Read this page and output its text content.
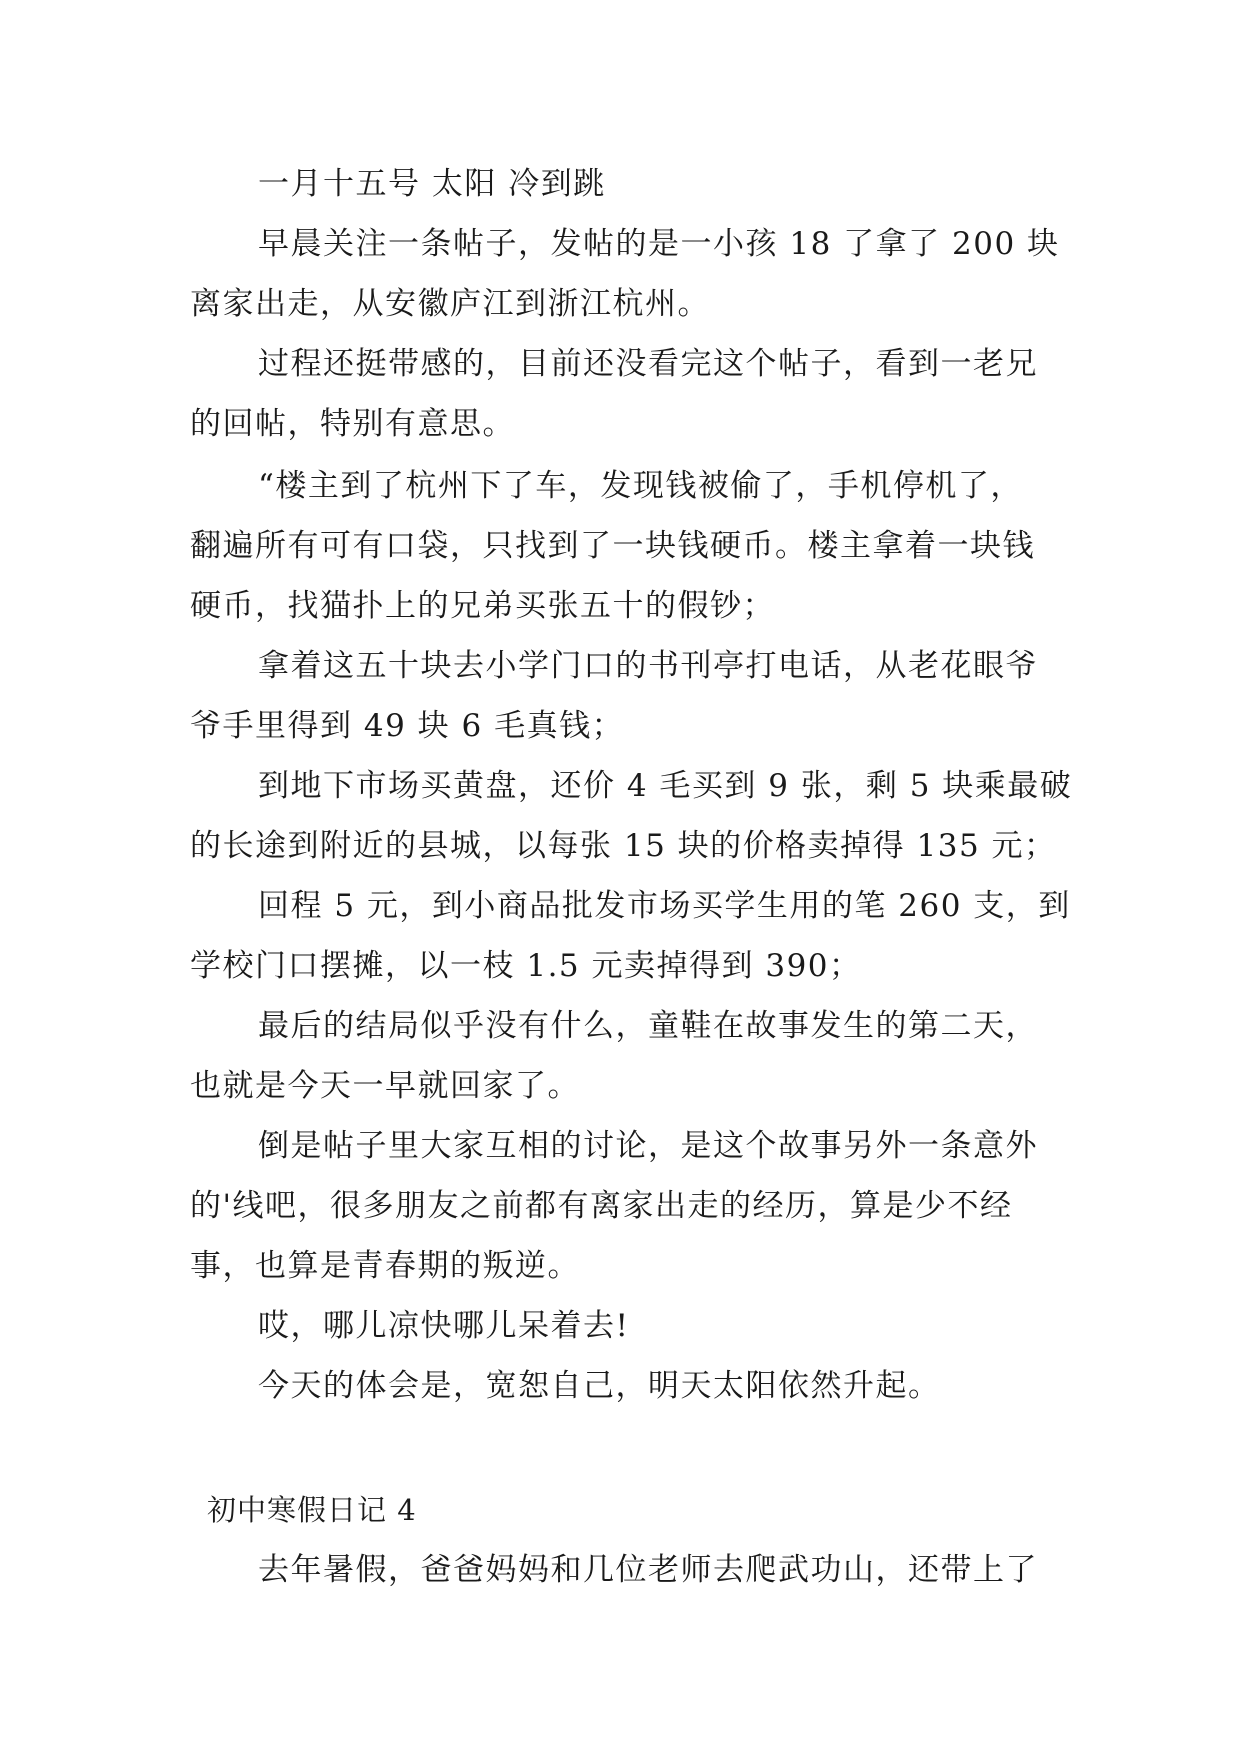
一月十五号 太阳 冷到跳
早晨关注一条帖子，发帖的是一小孩 18 了拿了 200 块
离家出走，从安徽庐江到浙江杭州。
过程还挺带感的，目前还没看完这个帖子，看到一老兄
的回帖，特别有意思。
“楼主到了杭州下了车，发现钱被偷了，手机停机了，
翻遍所有可有口袋，只找到了一块钱硬币。楼主拿着一块钱
硬币，找猫扑上的兄弟买张五十的假钞；
拿着这五十块去小学门口的书刊亭打电话，从老花眼爷
爷手里得到 49 块 6 毛真钱；
到地下市场买黄盘，还价 4 毛买到 9 张，剩 5 块乘最破
的长途到附近的县城，以每张 15 块的价格卖掉得 135 元；
回程 5 元，到小商品批发市场买学生用的笔 260 支，到
学校门口摆摊，以一枝 1.5 元卖掉得到 390；
最后的结局似乎没有什么，童鞋在故事发生的第二天，
也就是今天一早就回家了。
倒是帖子里大家互相的讨论，是这个故事另外一条意外
的'线吧，很多朋友之前都有离家出走的经历，算是少不经
事，也算是青春期的叛逆。
哎，哪儿凉快哪儿呆着去!
今天的体会是，宽恕自己，明天太阳依然升起。
初中寒假日记 4
去年暑假，爸爸妈妈和几位老师去爬武功山，还带上了
